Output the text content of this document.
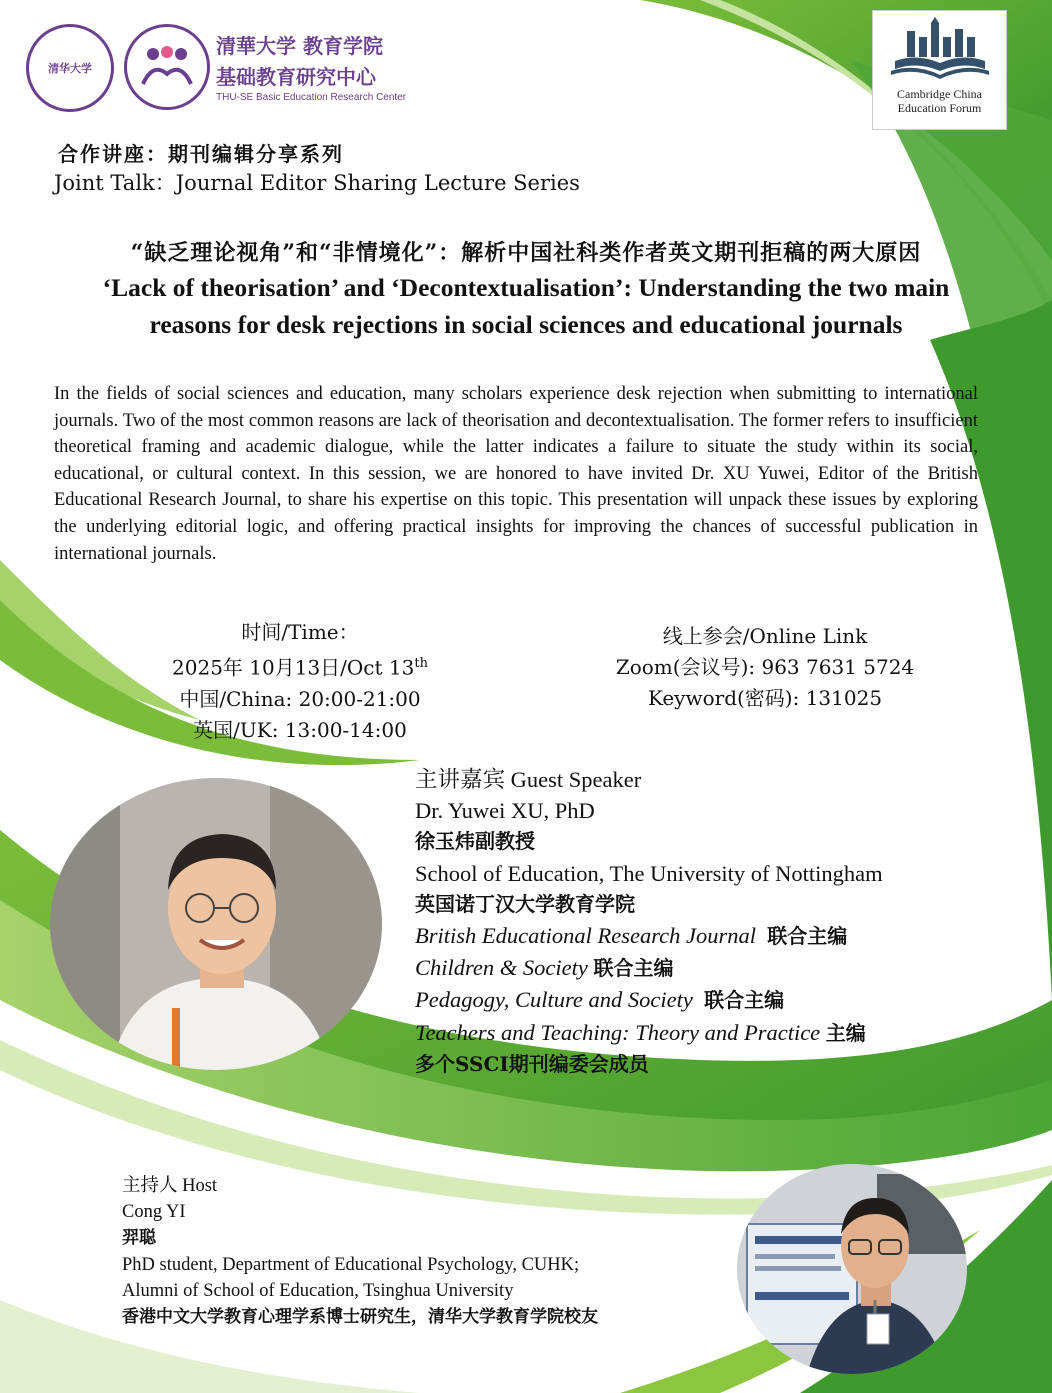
清华大学
清華大学 教育学院
基础教育研究中心
THU-SE Basic Education Research Center	Cambridge China
Education Forum
合作讲座：期刊编辑分享系列
Joint Talk：Journal Editor Sharing Lecture Series
“缺乏理论视角”和“非情境化”：解析中国社科类作者英文期刊拒稿的两大原因
‘Lack of theorisation’ and ‘Decontextualisation’: Understanding the two main
reasons for desk rejections in social sciences and educational journals
In the fields of social sciences and education, many scholars experience desk rejection when submitting to international journals. Two of the most common reasons are lack of theorisation and decontextualisation. The former refers to insufficient theoretical framing and academic dialogue, while the latter indicates a failure to situate the study within its social, educational, or cultural context. In this session, we are honored to have invited Dr. XU Yuwei, Editor of the British Educational Research Journal, to share his expertise on this topic. This presentation will unpack these issues by exploring the underlying editorial logic, and offering practical insights for improving the chances of successful publication in international journals.
时间/Time：
2025年 10月13日/Oct 13th
中国/China: 20:00-21:00
英国/UK: 13:00-14:00
线上参会/Online Link
Zoom(会议号): 963 7631 5724
Keyword(密码): 131025
主讲嘉宾 Guest Speaker
Dr. Yuwei XU, PhD
徐玉炜副教授
School of Education, The University of Nottingham
英国诺丁汉大学教育学院
British Educational Research Journal 联合主编
Children & Society 联合主编
Pedagogy, Culture and Society 联合主编
Teachers and Teaching: Theory and Practice 主编
多个SSCI期刊编委会成员
主持人 Host
Cong YI
羿聪
PhD student, Department of Educational Psychology, CUHK;
Alumni of School of Education, Tsinghua University
香港中文大学教育心理学系博士研究生，清华大学教育学院校友
